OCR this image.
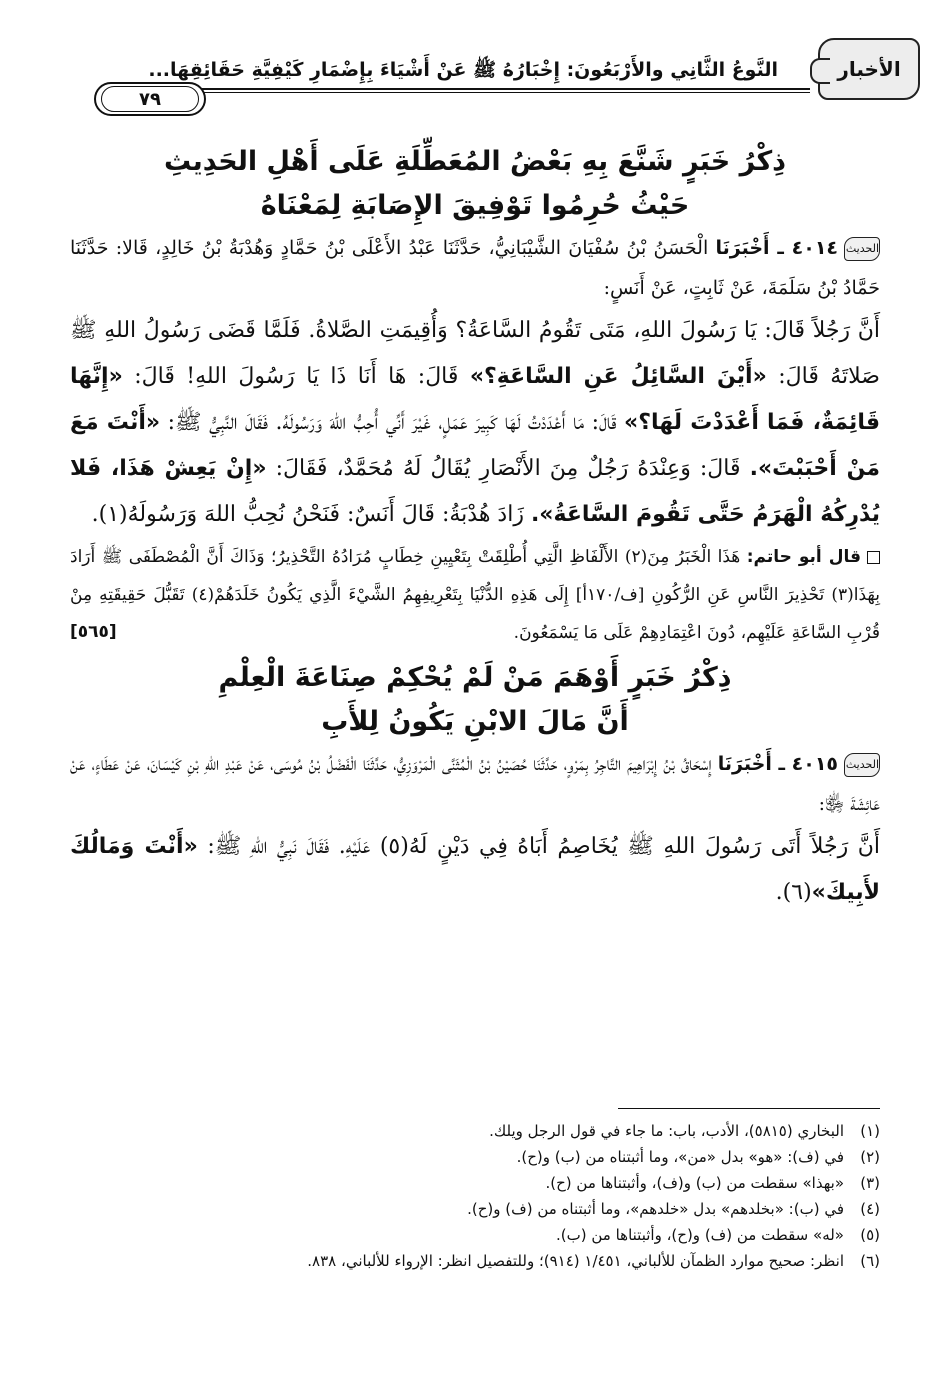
النَّوعُ الثَّانِي والأَرْبَعُونَ: إِخْبَارُهُ ﷺ عَنْ أَشْيَاءَ بِإِضْمَارِ كَيْفِيَّةِ حَقَائِقِهَا...	الأخبار
٧٩

ذِكْرُ خَبَرٍ شَنَّعَ بِهِ بَعْضُ المُعَطِّلَةِ عَلَى أَهْلِ الحَدِيثِ

حَيْثُ حُرِمُوا تَوْفِيقَ الإِصَابَةِ لِمَعْنَاهُ

الحديث٤٠١٤ ـ أَخْبَرَنَا الْحَسَنُ بْنُ سُفْيَانَ الشَّيْبَانِيُّ، حَدَّثَنَا عَبْدُ الأَعْلَى بْنُ حَمَّادٍ وَهُدْبَةُ بْنُ خَالِدٍ، قَالا: حَدَّثَنَا حَمَّادُ بْنُ سَلَمَةَ، عَنْ ثَابِتٍ، عَنْ أَنَسٍ:

أَنَّ رَجُلاً قَالَ: يَا رَسُولَ اللهِ، مَتَى تَقُومُ السَّاعَةُ؟ وَأُقِيمَتِ الصَّلاةُ. فَلَمَّا قَضَى رَسُولُ اللهِ ﷺ صَلاتَهُ قَالَ: «أَيْنَ السَّائِلُ عَنِ السَّاعَةِ؟» قَالَ: هَا أَنَا ذَا يَا رَسُولَ اللهِ! قَالَ: «إِنَّهَا قَائِمَةٌ، فَمَا أَعْدَدْتَ لَهَا؟» قَالَ: مَا أَعْدَدْتُ لَهَا كَبِيرَ عَمَلٍ، غَيْرَ أَنِّي أُحِبُّ اللهَ وَرَسُولَهُ. فَقَالَ النَّبِيُّ ﷺ: «أَنْتَ مَعَ مَنْ أَحْبَبْتَ». قَالَ: وَعِنْدَهُ رَجُلٌ مِنَ الأَنْصَارِ يُقَالُ لَهُ مُحَمَّدٌ، فَقَالَ: «إِنْ يَعِشْ هَذَا، فَلا يُدْرِكُهُ الْهَرَمُ حَتَّى تَقُومَ السَّاعَةُ». زَادَ هُدْبَةُ: قَالَ أَنَسٌ: فَنَحْنُ نُحِبُّ اللهَ وَرَسُولَهُ(١).

قال أبو حاتم: هَذَا الْخَبَرُ مِنَ(٢) الأَلْفَاظِ الَّتِي أُطْلِقَتْ بِتَعْيِينِ خِطَابٍ مُرَادُهُ التَّحْذِيرُ؛ وَذَاكَ أَنَّ الْمُصْطَفَى ﷺ أَرَادَ بِهَذَا(٣) تَحْذِيرَ النَّاسِ عَنِ الرُّكُونِ [ف/١٧٠أ] إِلَى هَذِهِ الدُّنْيَا بِتَعْرِيفِهِمُ الشَّيْءَ الَّذِي يَكُونُ خَلَدَهُمْ(٤) تَقَبُّلَ حَقِيقَتِهِ مِنْ قُرْبِ السَّاعَةِ عَلَيْهِم، دُونَ اعْتِمَادِهِمْ عَلَى مَا يَسْمَعُونَ.

[٥٦٥]

ذِكْرُ خَبَرٍ أَوْهَمَ مَنْ لَمْ يُحْكِمْ صِنَاعَةَ الْعِلْمِ

أَنَّ مَالَ الابْنِ يَكُونُ لِلأَبِ

الحديث٤٠١٥ ـ أَخْبَرَنَا إِسْحَاقُ بْنُ إِبْرَاهِيمَ التَّاجِرُ بِمَرْوٍ، حَدَّثَنَا حُصَيْنُ بْنُ الْمُثَنَّى الْمَرْوَزِيُّ، حَدَّثَنَا الْفَضْلُ بْنُ مُوسَى، عَنْ عَبْدِ اللهِ بْنِ كَيْسَانَ، عَنْ عَطَاءٍ، عَنْ عَائِشَةَ ﵂:

أَنَّ رَجُلاً أَتَى رَسُولَ اللهِ ﷺ يُخَاصِمُ أَبَاهُ فِي دَيْنٍ لَهُ(٥) عَلَيْهِ. فَقَالَ نَبِيُّ اللهِ ﷺ: «أَنْتَ وَمَالُكَ لأَبِيكَ»(٦).

(١)
البخاري (٥٨١٥)، الأدب، باب: ما جاء في قول الرجل ويلك.
(٢)
في (ف): «هو» بدل «من»، وما أثبتناه من (ب) و(ح).
(٣)
«بهذا» سقطت من (ب) و(ف)، وأثبتناها من (ح).
(٤)
في (ب): «بخلدهم» بدل «خلدهم»، وما أثبتناه من (ف) و(ح).
(٥)
«له» سقطت من (ف) و(ح)، وأثبتناها من (ب).
(٦)
انظر: صحيح موارد الظمآن للألباني، ١/٤٥١ (٩١٤)؛ وللتفصيل انظر: الإرواء للألباني، ٨٣٨.
